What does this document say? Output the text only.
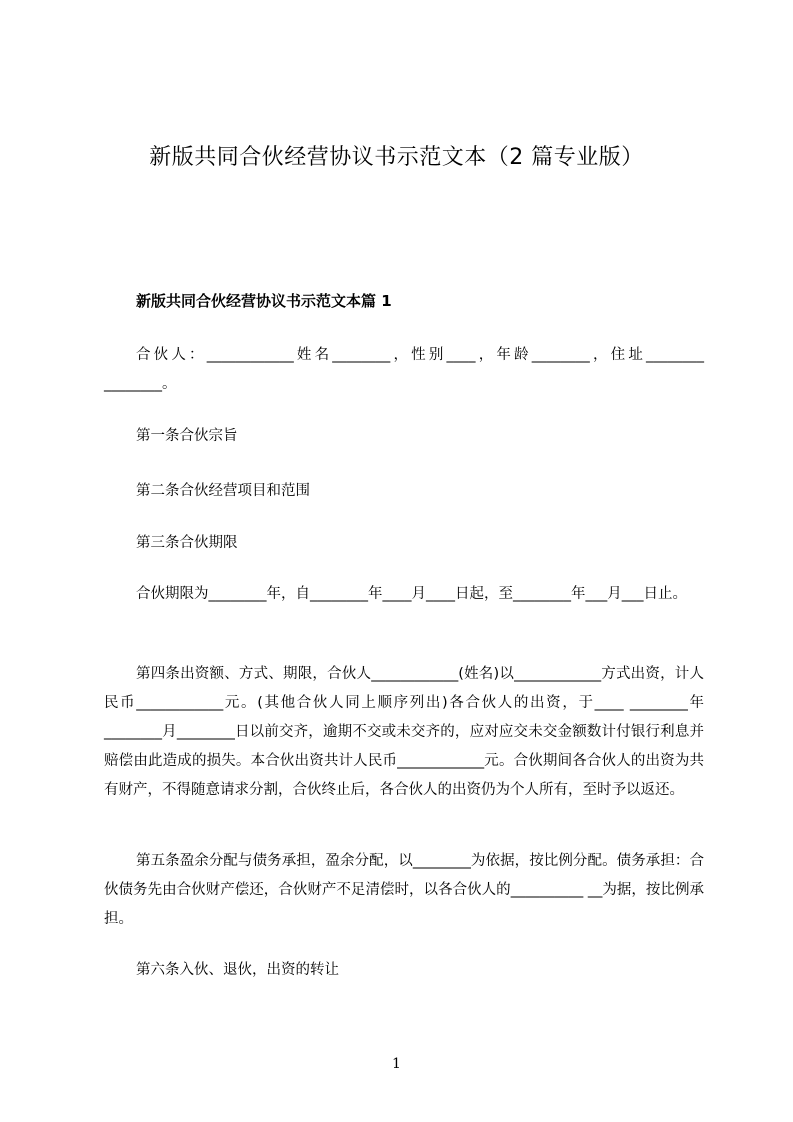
新版共同合伙经营协议书示范文本（2 篇专业版）
新版共同合伙经营协议书示范文本篇 1

合伙人：____________姓名________，性别____，年龄________，住址________ ________。

第一条合伙宗旨

第二条合伙经营项目和范围

第三条合伙期限

合伙期限为________年，自________年____月____日起，至________年___月___日止。

第四条出资额、方式、期限，合伙人____________(姓名)以____________方式出资，计人民币____________元。(其他合伙人同上顺序列出)各合伙人的出资，于____ ________年________月________日以前交齐，逾期不交或未交齐的，应对应交未交金额数计付银行利息并赔偿由此造成的损失。本合伙出资共计人民币____________元。合伙期间各合伙人的出资为共有财产，不得随意请求分割，合伙终止后，各合伙人的出资仍为个人所有，至时予以返还。

第五条盈余分配与债务承担，盈余分配，以________为依据，按比例分配。债务承担：合伙债务先由合伙财产偿还，合伙财产不足清偿时，以各合伙人的__________ __为据，按比例承担。

第六条入伙、退伙，出资的转让

1
